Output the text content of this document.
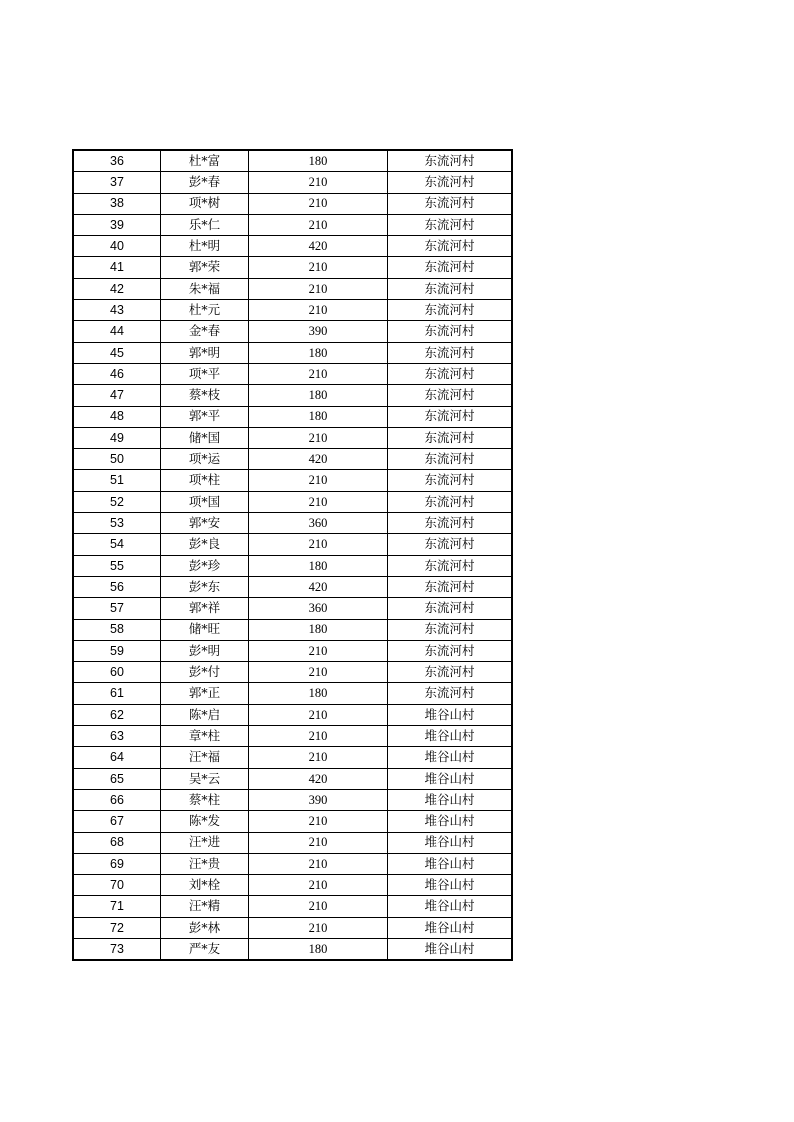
36	杜*富	180	东流河村
37	彭*春	210	东流河村
38	项*树	210	东流河村
39	乐*仁	210	东流河村
40	杜*明	420	东流河村
41	郭*荣	210	东流河村
42	朱*福	210	东流河村
43	杜*元	210	东流河村
44	金*春	390	东流河村
45	郭*明	180	东流河村
46	项*平	210	东流河村
47	蔡*枝	180	东流河村
48	郭*平	180	东流河村
49	储*国	210	东流河村
50	项*运	420	东流河村
51	项*柱	210	东流河村
52	项*国	210	东流河村
53	郭*安	360	东流河村
54	彭*良	210	东流河村
55	彭*珍	180	东流河村
56	彭*东	420	东流河村
57	郭*祥	360	东流河村
58	储*旺	180	东流河村
59	彭*明	210	东流河村
60	彭*付	210	东流河村
61	郭*正	180	东流河村
62	陈*启	210	堆谷山村
63	章*柱	210	堆谷山村
64	汪*福	210	堆谷山村
65	吴*云	420	堆谷山村
66	蔡*柱	390	堆谷山村
67	陈*发	210	堆谷山村
68	汪*进	210	堆谷山村
69	汪*贵	210	堆谷山村
70	刘*栓	210	堆谷山村
71	汪*精	210	堆谷山村
72	彭*林	210	堆谷山村
73	严*友	180	堆谷山村
